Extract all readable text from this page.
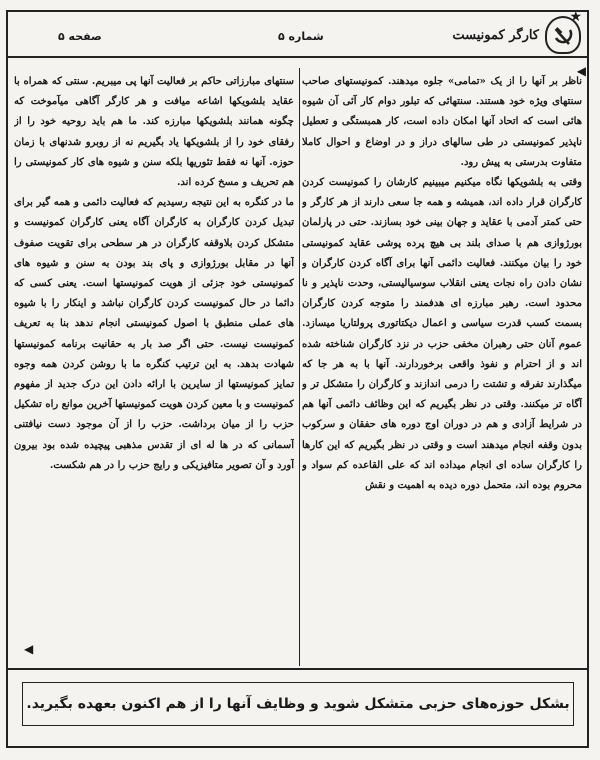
★
کارگر کمونیست
شماره ۵
صفحه ۵
◀

ناظر بر آنها را از یک «تمامی» جلوه میدهند. کمونیستهای صاحب سنتهای ویژه خود هستند. سنتهائی که تبلور دوام کار آئی آن شیوه هائی است که اتحاد آنها امکان داده است، کار همبستگی و تعطیل ناپذیر کمونیستی در طی سالهای دراز و در اوضاع و احوال کاملا متفاوت بدرستی به پیش رود.

وقتی به بلشویکها نگاه میکنیم میبینیم کارشان را کمونیست کردن کارگران قرار داده اند، همیشه و همه جا سعی دارند از هر کارگر و حتی کمتر آدمی با عقاید و جهان بینی خود بسازند. حتی در پارلمان بورژوازی هم با صدای بلند بی هیچ پرده پوشی عقاید کمونیستی خود را بیان میکنند. فعالیت دائمی آنها برای آگاه کردن کارگران و نشان دادن راه نجات یعنی انقلاب سوسیالیستی، وحدت ناپذیر و نا محدود است. رهبر مبارزه ای هدفمند را متوجه کردن کارگران بسمت کسب قدرت سیاسی و اعمال دیکتاتوری پرولتاریا میسازد. عموم آنان حتی رهبران مخفی حزب در نزد کارگران شناخته شده اند و از احترام و نفوذ واقعی برخوردارند. آنها با به هر جا که میگذارند تفرقه و تشتت را درمی اندازند و کارگران را متشکل تر و آگاه تر میکنند. وقتی در نظر بگیریم که این وظائف دائمی آنها هم در شرایط آزادی و هم در دوران اوج دوره های حفقان و سرکوب بدون وقفه انجام میدهند است و وقتی در نظر بگیریم که این کارها را کارگران ساده ای انجام میداده اند که علی القاعده کم سواد و محروم بوده اند، متحمل دوره دیده به اهمیت و نقش

سنتهای مبارزاتی حاکم بر فعالیت آنها پی میبریم. سنتی که همراه با عقاید بلشویکها اشاعه میافت و هر کارگر آگاهی میآموخت که چگونه همانند بلشویکها مبارزه کند. ما هم باید روحیه خود را از رفقای خود را از بلشویکها یاد بگیریم نه از روبرو شدنهای با زمان حوزه. آنها نه فقط تئوریها بلکه سنن و شیوه های کار کمونیستی را هم تحریف و مسخ کرده اند.

ما در کنگره به این نتیجه رسیدیم که فعالیت دائمی و همه گیر برای تبدیل کردن کارگران به کارگران آگاه یعنی کارگران کمونیست و متشکل کردن بلاوقفه کارگران در هر سطحی برای تقویت صفوف آنها در مقابل بورژوازی و پای بند بودن به سنن و شیوه های کمونیستی خود جزئی از هویت کمونیستها است. یعنی کسی که دائما در حال کمونیست کردن کارگران نباشد و اینکار را با شیوه های عملی منطبق با اصول کمونیستی انجام ندهد بنا به تعریف کمونیست نیست. حتی اگر صد بار به حقانیت برنامه کمونیستها شهادت بدهد. به این ترتیب کنگره ما با روشن کردن همه وجوه تمایز کمونیستها از سایرین با ارائه دادن این درک جدید از مفهوم کمونیست و با معین کردن هویت کمونیستها آخرین موانع راه تشکیل حزب را از میان برداشت. حزب را از آن موجود دست نیافتنی آسمانی که در ها له ای از تقدس مذهبی پیچیده شده بود بیرون آورد و آن تصویر متافیزیکی و رایج حزب را در هم شکست.

◀
بشکل حوزه‌های حزبی متشکل شوید و وظایف آنها را از هم اکنون بعهده بگیرید.
